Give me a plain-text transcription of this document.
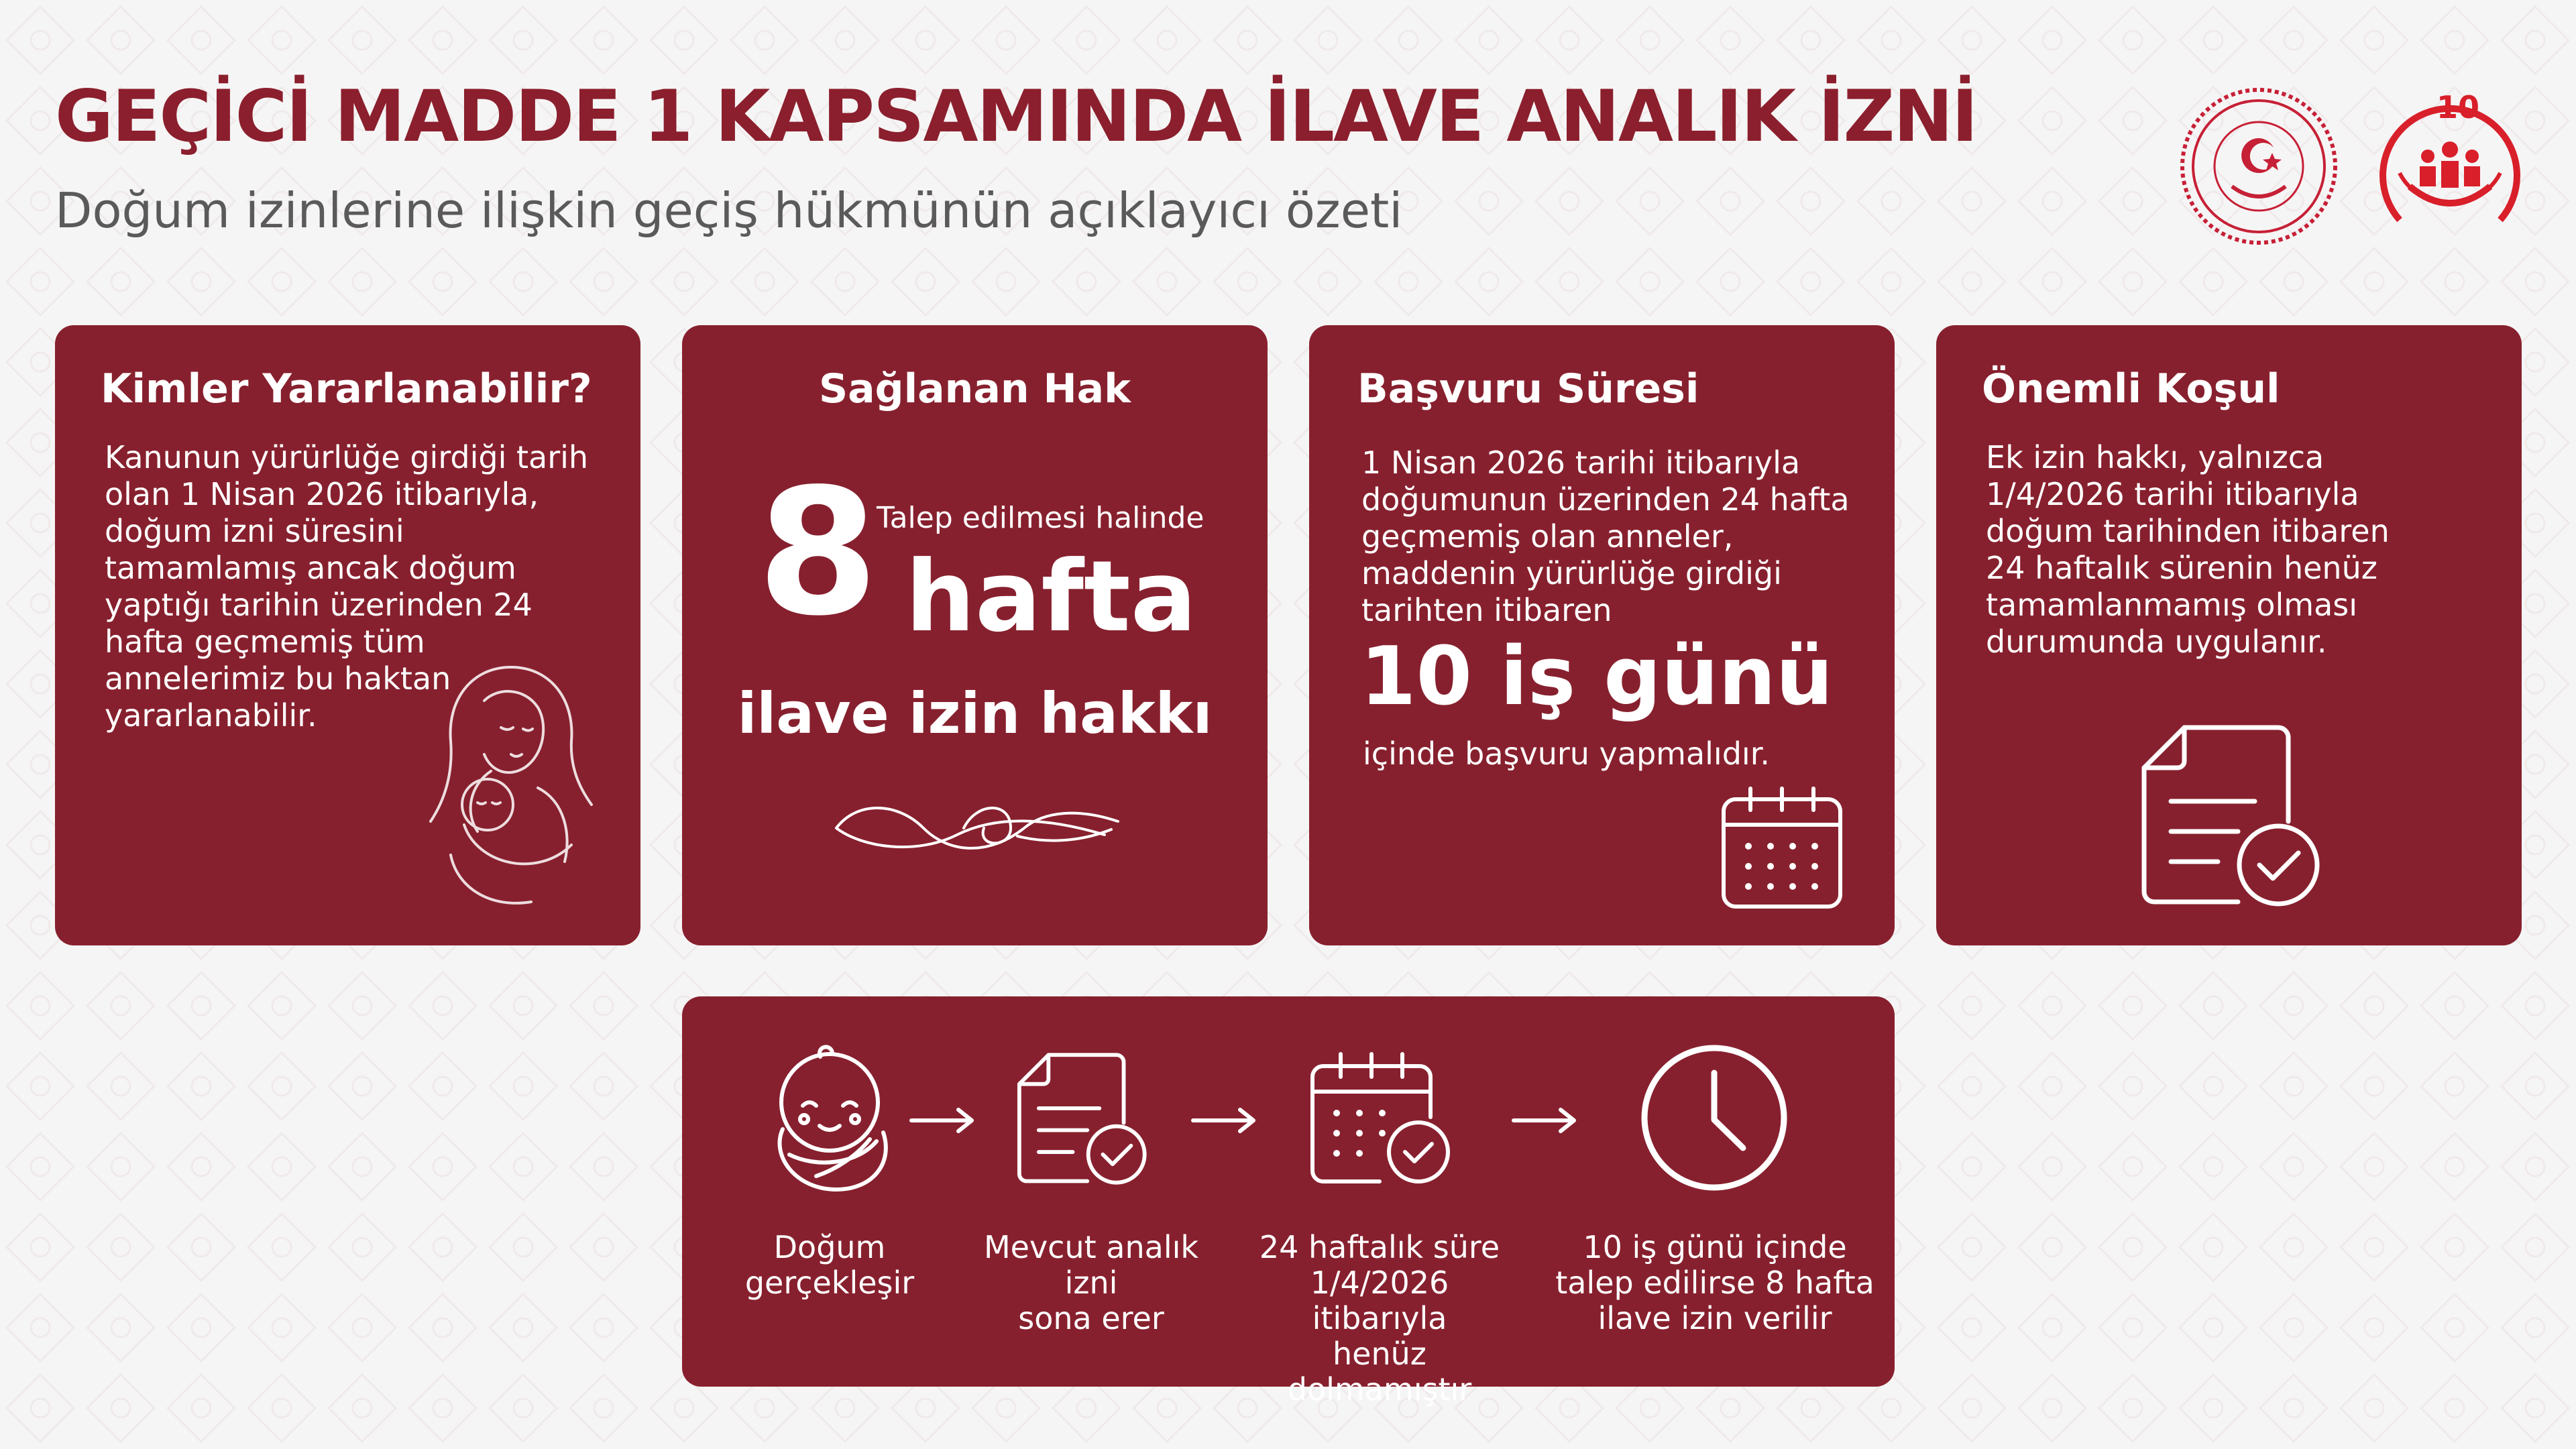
GEÇİCİ MADDE 1 KAPSAMINDA İLAVE ANALIK İZNİ

Doğum izinlerine ilişkin geçiş hükmünün açıklayıcı özeti

10
Kimler Yararlanabilir?
Kanunun yürürlüğe girdiği tarih
olan 1 Nisan 2026 itibarıyla,
doğum izni süresini
tamamlamış ancak doğum
yaptığı tarihin üzerinden 24
hafta geçmemiş tüm
annelerimiz bu haktan
yararlanabilir.
Sağlanan Hak
8
Talep edilmesi halinde
hafta
ilave izin hakkı
Başvuru Süresi
1 Nisan 2026 tarihi itibarıyla
doğumunun üzerinden 24 hafta
geçmemiş olan anneler,
maddenin yürürlüğe girdiği
tarihten itibaren
10 iş günü
içinde başvuru yapmalıdır.
Önemli Koşul
Ek izin hakkı, yalnızca
1/4/2026 tarihi itibarıyla
doğum tarihinden itibaren
24 haftalık sürenin henüz
tamamlanmamış olması
durumunda uygulanır.
Doğum
gerçekleşir
Mevcut analık izni
sona erer
24 haftalık süre
1/4/2026 itibarıyla
henüz dolmamıştır
10 iş günü içinde
talep edilirse 8 hafta
ilave izin verilir
